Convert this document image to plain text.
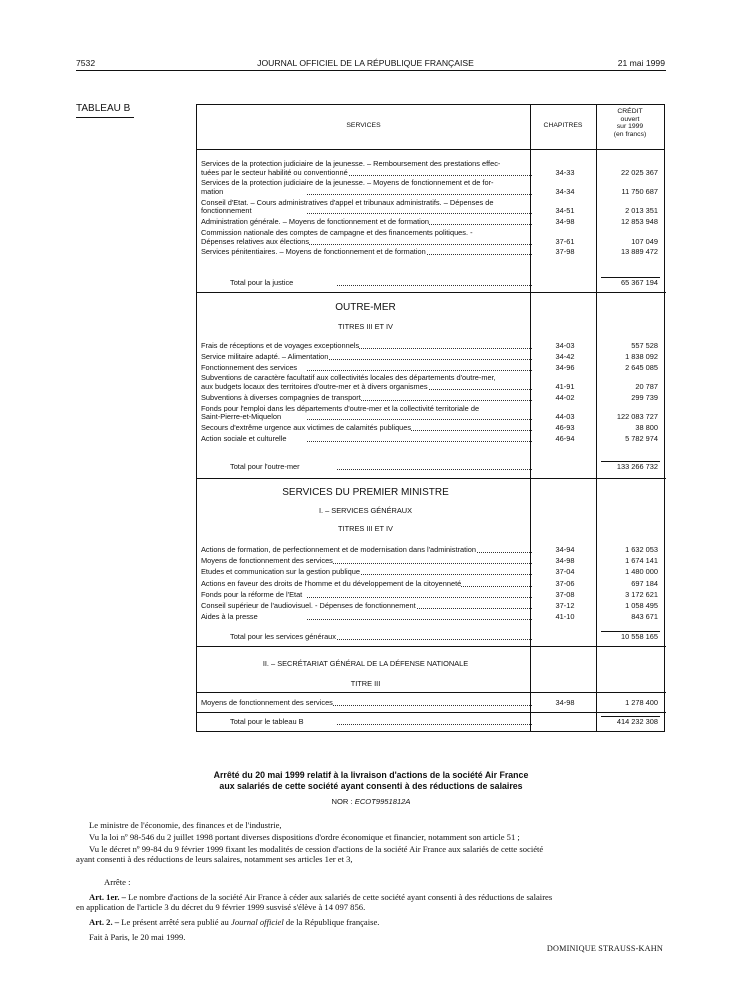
7532	JOURNAL OFFICIEL DE LA RÉPUBLIQUE FRANÇAISE	21 mai 1999
TABLEAU B
SERVICES	CHAPITRES
CRÉDIT
ouvert
sur 1999
(en francs)
Services de la protection judiciaire de la jeunesse. – Remboursement des prestations effec-
tuées par le secteur habilité ou conventionné	34-33	22 025 367
Services de la protection judiciaire de la jeunesse. – Moyens de fonctionnement et de for-
mation	34-34	11 750 687
Conseil d'Etat. – Cours administratives d'appel et tribunaux administratifs. – Dépenses de
fonctionnement	34-51	2 013 351
Administration générale. – Moyens de fonctionnement et de formation	34-98	12 853 948
Commission nationale des comptes de campagne et des financements politiques. -
Dépenses relatives aux élections	37-61	107 049
Services pénitentiaires. – Moyens de fonctionnement et de formation	37-98	13 889 472
Total pour la justice	65 367 194
OUTRE-MER
TITRES III ET IV
Frais de réceptions et de voyages exceptionnels	34-03	557 528
Service militaire adapté. – Alimentation	34-42	1 838 092
Fonctionnement des services	34-96	2 645 085
Subventions de caractère facultatif aux collectivités locales des départements d'outre-mer,
aux budgets locaux des territoires d'outre-mer et à divers organismes	41-91	20 787
Subventions à diverses compagnies de transport	44-02	299 739
Fonds pour l'emploi dans les départements d'outre-mer et la collectivité territoriale de
Saint-Pierre-et-Miquelon	44-03	122 083 727
Secours d'extrême urgence aux victimes de calamités publiques	46-93	38 800
Action sociale et culturelle	46-94	5 782 974
Total pour l'outre-mer	133 266 732
SERVICES DU PREMIER MINISTRE
I. – SERVICES GÉNÉRAUX
TITRES III ET IV
Actions de formation, de perfectionnement et de modernisation dans l'administration	34-94	1 632 053
Moyens de fonctionnement des services	34-98	1 674 141
Etudes et communication sur la gestion publique	37-04	1 480 000
Actions en faveur des droits de l'homme et du développement de la citoyenneté	37-06	697 184
Fonds pour la réforme de l'Etat	37-08	3 172 621
Conseil supérieur de l'audiovisuel. - Dépenses de fonctionnement	37-12	1 058 495
Aides à la presse	41-10	843 671
Total pour les services généraux	10 558 165
II. – SECRÉTARIAT GÉNÉRAL DE LA DÉFENSE NATIONALE
TITRE III
Moyens de fonctionnement des services	34-98	1 278 400
Total pour le tableau B	414 232 308
Arrêté du 20 mai 1999 relatif à la livraison d'actions de la société Air France
aux salariés de cette société ayant consenti à des réductions de salaires
NOR : ECOT9951812A
Le ministre de l'économie, des finances et de l'industrie,
Vu la loi nº 98-546 du 2 juillet 1998 portant diverses dispositions d'ordre économique et financier, notamment son article 51 ;
Vu le décret nº 99-84 du 9 février 1999 fixant les modalités de cession d'actions de la société Air France aux salariés de cette société
ayant consenti à des réductions de leurs salaires, notamment ses articles 1er et 3,
Arrête :
Art. 1er. – Le nombre d'actions de la société Air France à céder aux salariés de cette société ayant consenti à des réductions de salaires
en application de l'article 3 du décret du 9 février 1999 susvisé s'élève à 14 097 856.
Art. 2. – Le présent arrêté sera publié au Journal officiel de la République française.
Fait à Paris, le 20 mai 1999.
DOMINIQUE STRAUSS-KAHN
